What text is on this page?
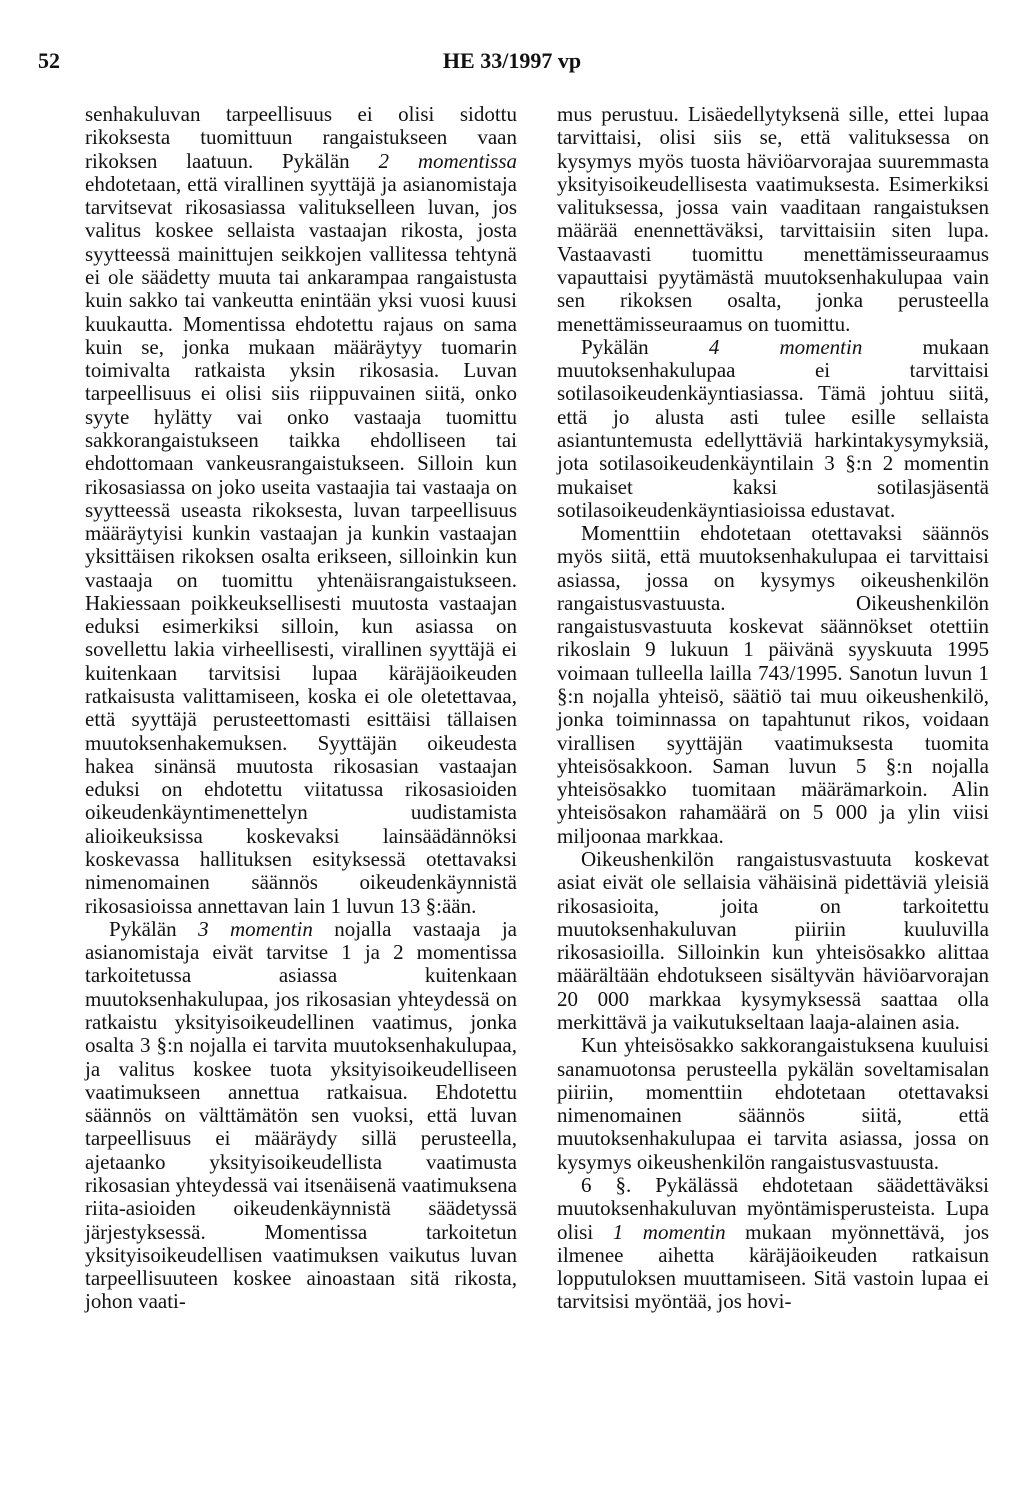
52	HE 33/1997 vp

senhakuluvan tarpeellisuus ei olisi sidottu rikoksesta tuomittuun rangaistukseen vaan rikoksen laatuun. Pykälän 2 momentissa ehdotetaan, että virallinen syyttäjä ja asianomistaja tarvitsevat rikosasiassa valitukselleen luvan, jos valitus koskee sellaista vastaajan rikosta, josta syytteessä mainittujen seikkojen vallitessa tehtynä ei ole säädetty muuta tai ankarampaa rangaistusta kuin sakko tai vankeutta enintään yksi vuosi kuusi kuukautta. Momentissa ehdotettu rajaus on sama kuin se, jonka mukaan määräytyy tuomarin toimivalta ratkaista yksin rikosasia. Luvan tarpeellisuus ei olisi siis riippuvainen siitä, onko syyte hylätty vai onko vastaaja tuomittu sakkorangaistukseen taikka ehdolliseen tai ehdottomaan vankeusrangaistukseen. Silloin kun rikosasiassa on joko useita vastaajia tai vastaaja on syytteessä useasta rikoksesta, luvan tarpeellisuus määräytyisi kunkin vastaajan ja kunkin vastaajan yksittäisen rikoksen osalta erikseen, silloinkin kun vastaaja on tuomittu yhtenäisrangaistukseen. Hakiessaan poikkeuksellisesti muutosta vastaajan eduksi esimerkiksi silloin, kun asiassa on sovellettu lakia virheellisesti, virallinen syyttäjä ei kuitenkaan tarvitsisi lupaa käräjäoikeuden ratkaisusta valittamiseen, koska ei ole oletettavaa, että syyttäjä perusteettomasti esittäisi tällaisen muutoksenhakemuksen. Syyttäjän oikeudesta hakea sinänsä muutosta rikosasian vastaajan eduksi on ehdotettu viitatussa rikosasioiden oikeudenkäyntimenettelyn uudistamista alioikeuksissa koskevaksi lainsäädännöksi koskevassa hallituksen esityksessä otettavaksi nimenomainen säännös oikeudenkäynnistä rikosasioissa annettavan lain 1 luvun 13 §:ään.

Pykälän 3 momentin nojalla vastaaja ja asianomistaja eivät tarvitse 1 ja 2 momentissa tarkoitetussa asiassa kuitenkaan muutoksenhakulupaa, jos rikosasian yhteydessä on ratkaistu yksityisoikeudellinen vaatimus, jonka osalta 3 §:n nojalla ei tarvita muutoksenhakulupaa, ja valitus koskee tuota yksityisoikeudelliseen vaatimukseen annettua ratkaisua. Ehdotettu säännös on välttämätön sen vuoksi, että luvan tarpeellisuus ei määräydy sillä perusteella, ajetaanko yksityisoikeudellista vaatimusta rikosasian yhteydessä vai itsenäisenä vaatimuksena riita-asioiden oikeudenkäynnistä säädetyssä järjestyksessä. Momentissa tarkoitetun yksityisoikeudellisen vaatimuksen vaikutus luvan tarpeellisuuteen koskee ainoastaan sitä rikosta, johon vaati-

mus perustuu. Lisäedellytyksenä sille, ettei lupaa tarvittaisi, olisi siis se, että valituksessa on kysymys myös tuosta häviöarvorajaa suuremmasta yksityisoikeudellisesta vaatimuksesta. Esimerkiksi valituksessa, jossa vain vaaditaan rangaistuksen määrää enennettäväksi, tarvittaisiin siten lupa. Vastaavasti tuomittu menettämisseuraamus vapauttaisi pyytämästä muutoksenhakulupaa vain sen rikoksen osalta, jonka perusteella menettämisseuraamus on tuomittu.

Pykälän 4 momentin mukaan muutoksenhakulupaa ei tarvittaisi sotilasoikeudenkäyntiasiassa. Tämä johtuu siitä, että jo alusta asti tulee esille sellaista asiantuntemusta edellyttäviä harkintakysymyksiä, jota sotilasoikeudenkäyntilain 3 §:n 2 momentin mukaiset kaksi sotilasjäsentä sotilasoikeudenkäyntiasioissa edustavat.

Momenttiin ehdotetaan otettavaksi säännös myös siitä, että muutoksenhakulupaa ei tarvittaisi asiassa, jossa on kysymys oikeushenkilön rangaistusvastuusta. Oikeushenkilön rangaistusvastuuta koskevat säännökset otettiin rikoslain 9 lukuun 1 päivänä syyskuuta 1995 voimaan tulleella lailla 743/1995. Sanotun luvun 1 §:n nojalla yhteisö, säätiö tai muu oikeushenkilö, jonka toiminnassa on tapahtunut rikos, voidaan virallisen syyttäjän vaatimuksesta tuomita yhteisösakkoon. Saman luvun 5 §:n nojalla yhteisösakko tuomitaan määrämarkoin. Alin yhteisösakon rahamäärä on 5 000 ja ylin viisi miljoonaa markkaa.

Oikeushenkilön rangaistusvastuuta koskevat asiat eivät ole sellaisia vähäisinä pidettäviä yleisiä rikosasioita, joita on tarkoitettu muutoksenhakuluvan piiriin kuuluvilla rikosasioilla. Silloinkin kun yhteisösakko alittaa määrältään ehdotukseen sisältyvän häviöarvorajan 20 000 markkaa kysymyksessä saattaa olla merkittävä ja vaikutukseltaan laaja-alainen asia.

Kun yhteisösakko sakkorangaistuksena kuuluisi sanamuotonsa perusteella pykälän soveltamisalan piiriin, momenttiin ehdotetaan otettavaksi nimenomainen säännös siitä, että muutoksenhakulupaa ei tarvita asiassa, jossa on kysymys oikeushenkilön rangaistusvastuusta.

6 §. Pykälässä ehdotetaan säädettäväksi muutoksenhakuluvan myöntämisperusteista. Lupa olisi 1 momentin mukaan myönnettävä, jos ilmenee aihetta käräjäoikeuden ratkaisun lopputuloksen muuttamiseen. Sitä vastoin lupaa ei tarvitsisi myöntää, jos hovi-
